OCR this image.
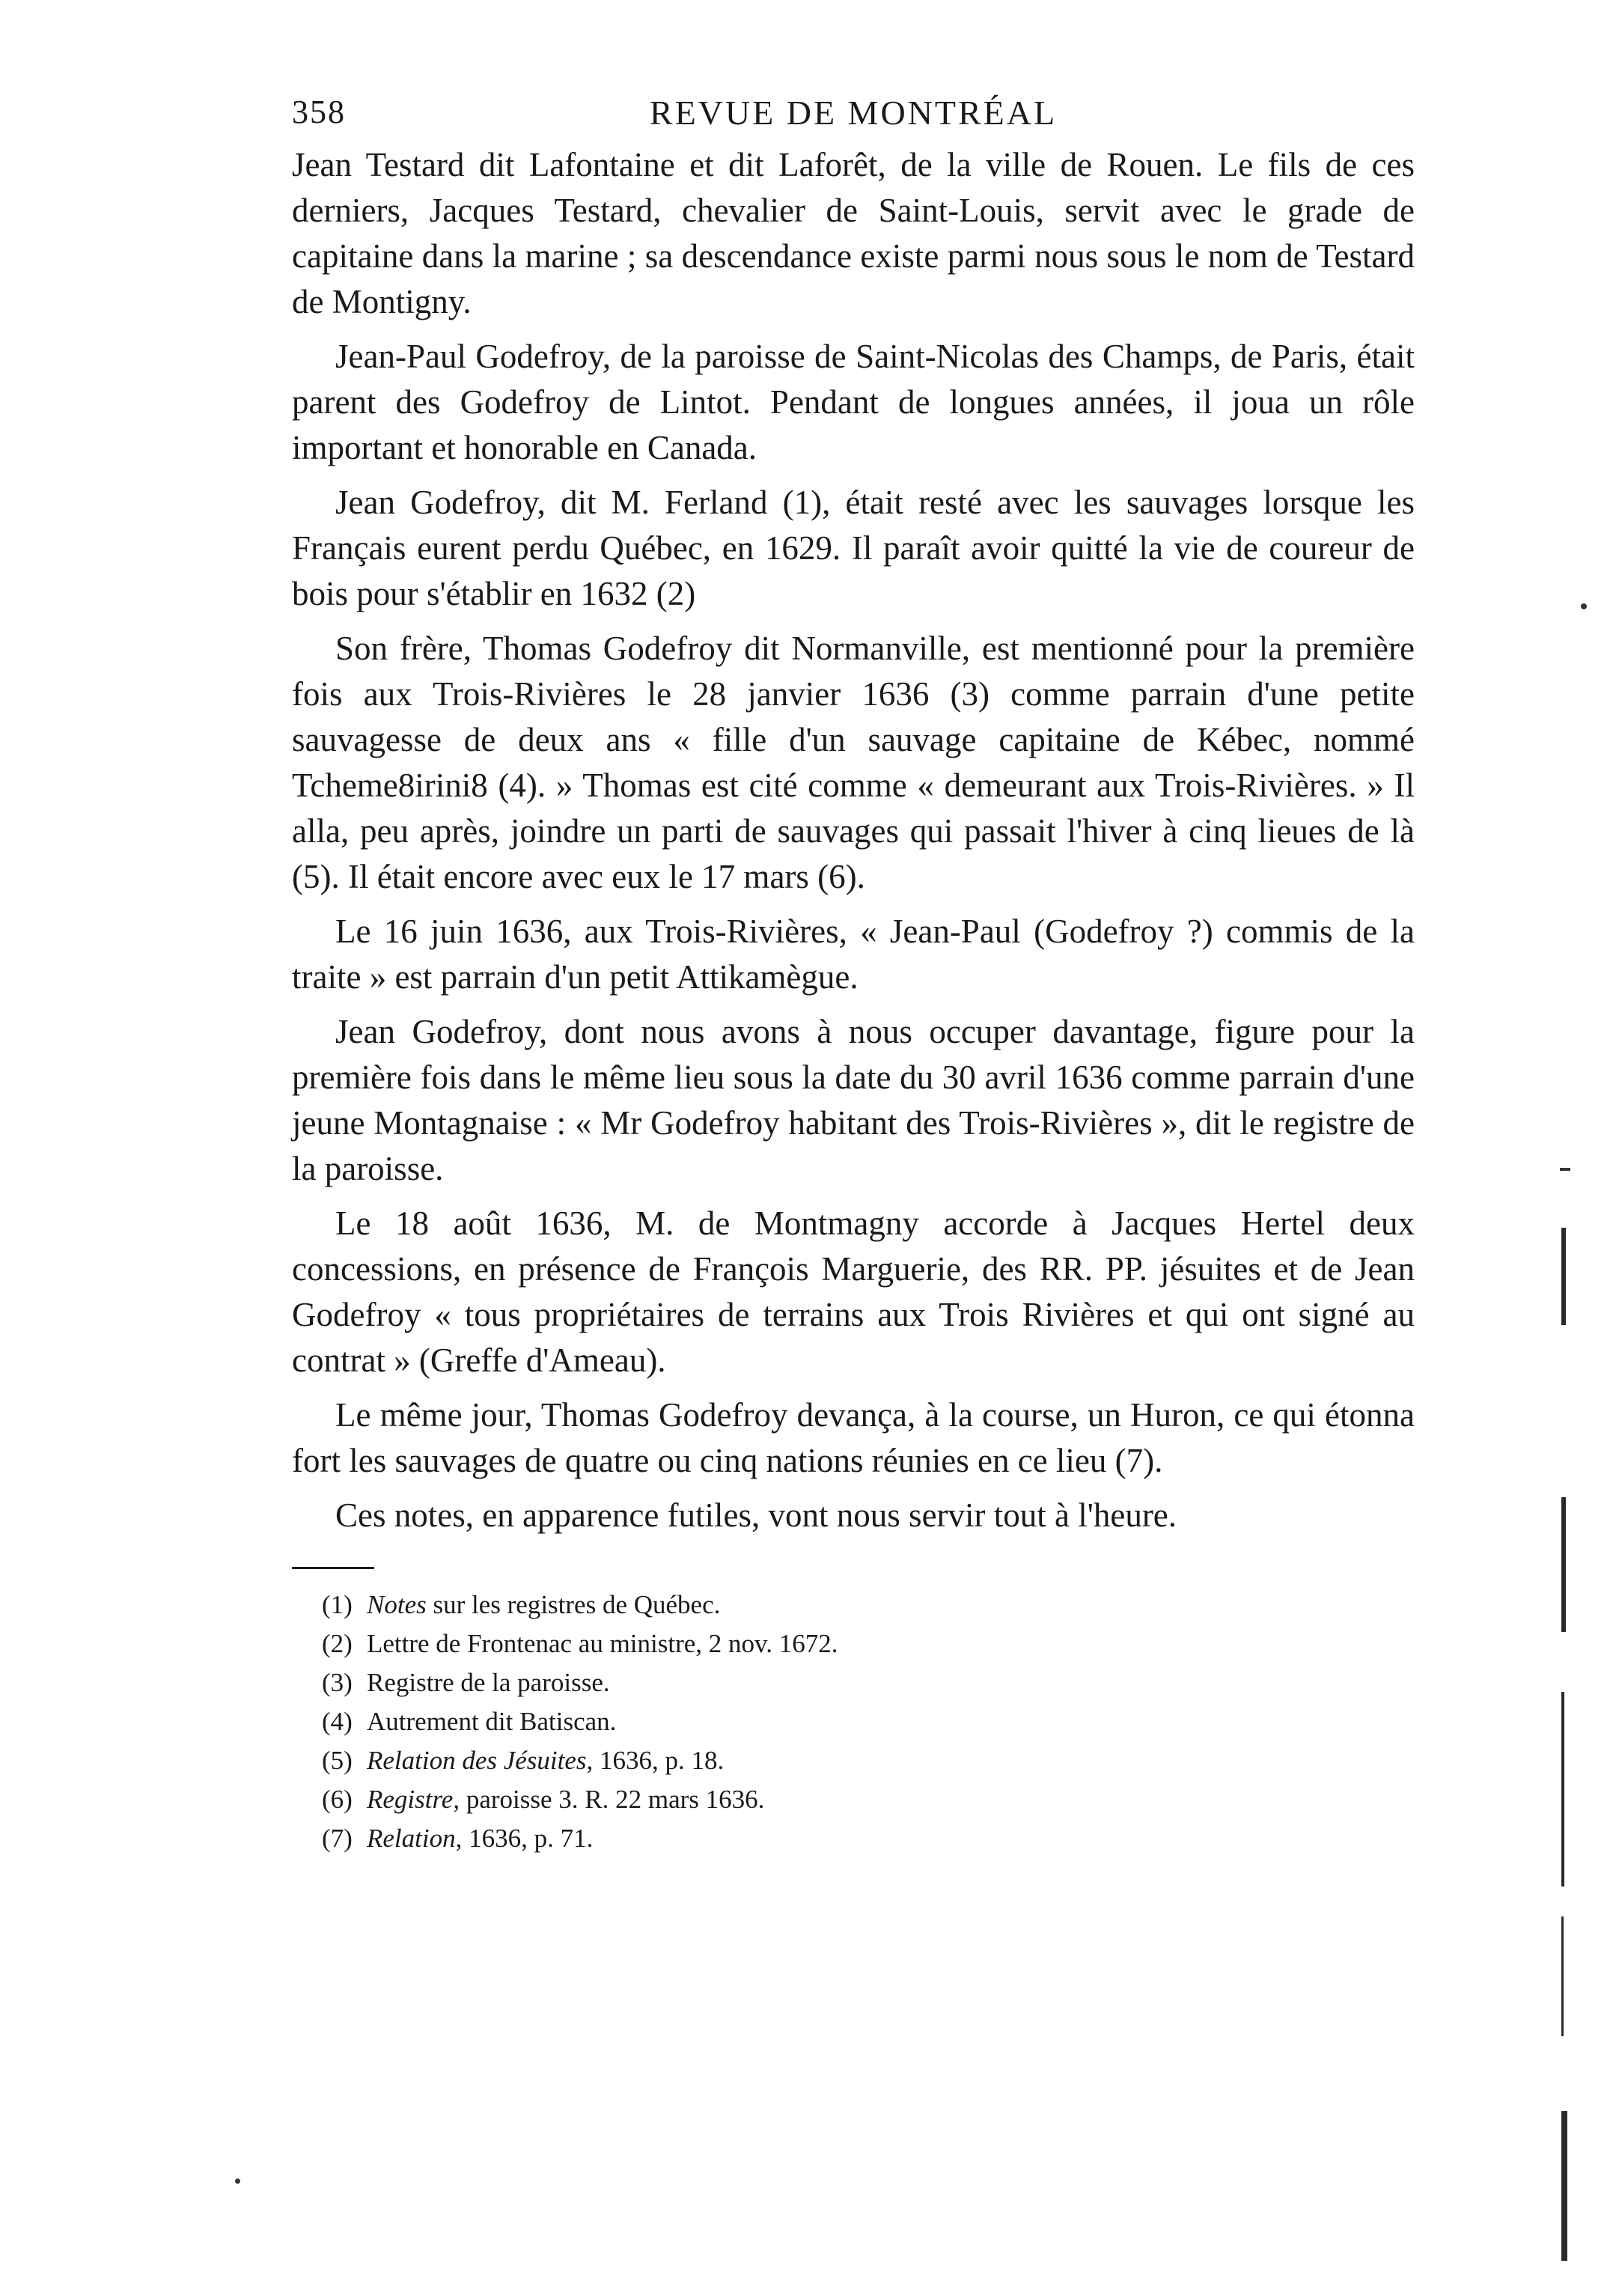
358	REVUE DE MONTRÉAL

Jean Testard dit Lafontaine et dit Laforêt, de la ville de Rouen. Le fils de ces derniers, Jacques Testard, chevalier de Saint-Louis, servit avec le grade de capitaine dans la marine ; sa descendance existe parmi nous sous le nom de Testard de Montigny.

Jean-Paul Godefroy, de la paroisse de Saint-Nicolas des Champs, de Paris, était parent des Godefroy de Lintot. Pendant de longues années, il joua un rôle important et honorable en Canada.

Jean Godefroy, dit M. Ferland (1), était resté avec les sauvages lorsque les Français eurent perdu Québec, en 1629. Il paraît avoir quitté la vie de coureur de bois pour s'établir en 1632 (2)

Son frère, Thomas Godefroy dit Normanville, est mentionné pour la première fois aux Trois-Rivières le 28 janvier 1636 (3) comme parrain d'une petite sauvagesse de deux ans « fille d'un sauvage capitaine de Kébec, nommé Tcheme8irini8 (4). » Thomas est cité comme « demeurant aux Trois-Rivières. » Il alla, peu après, joindre un parti de sauvages qui passait l'hiver à cinq lieues de là (5). Il était encore avec eux le 17 mars (6).

Le 16 juin 1636, aux Trois-Rivières, « Jean-Paul (Godefroy ?) commis de la traite » est parrain d'un petit Attikamègue.

Jean Godefroy, dont nous avons à nous occuper davantage, figure pour la première fois dans le même lieu sous la date du 30 avril 1636 comme parrain d'une jeune Montagnaise : « Mr Godefroy habitant des Trois-Rivières », dit le registre de la paroisse.

Le 18 août 1636, M. de Montmagny accorde à Jacques Hertel deux concessions, en présence de François Marguerie, des RR. PP. jésuites et de Jean Godefroy « tous propriétaires de terrains aux Trois Rivières et qui ont signé au contrat » (Greffe d'Ameau).

Le même jour, Thomas Godefroy devança, à la course, un Huron, ce qui étonna fort les sauvages de quatre ou cinq nations réunies en ce lieu (7).

Ces notes, en apparence futiles, vont nous servir tout à l'heure.

(1) Notes sur les registres de Québec.
(2) Lettre de Frontenac au ministre, 2 nov. 1672.
(3) Registre de la paroisse.
(4) Autrement dit Batiscan.
(5) Relation des Jésuites, 1636, p. 18.
(6) Registre, paroisse 3. R. 22 mars 1636.
(7) Relation, 1636, p. 71.
